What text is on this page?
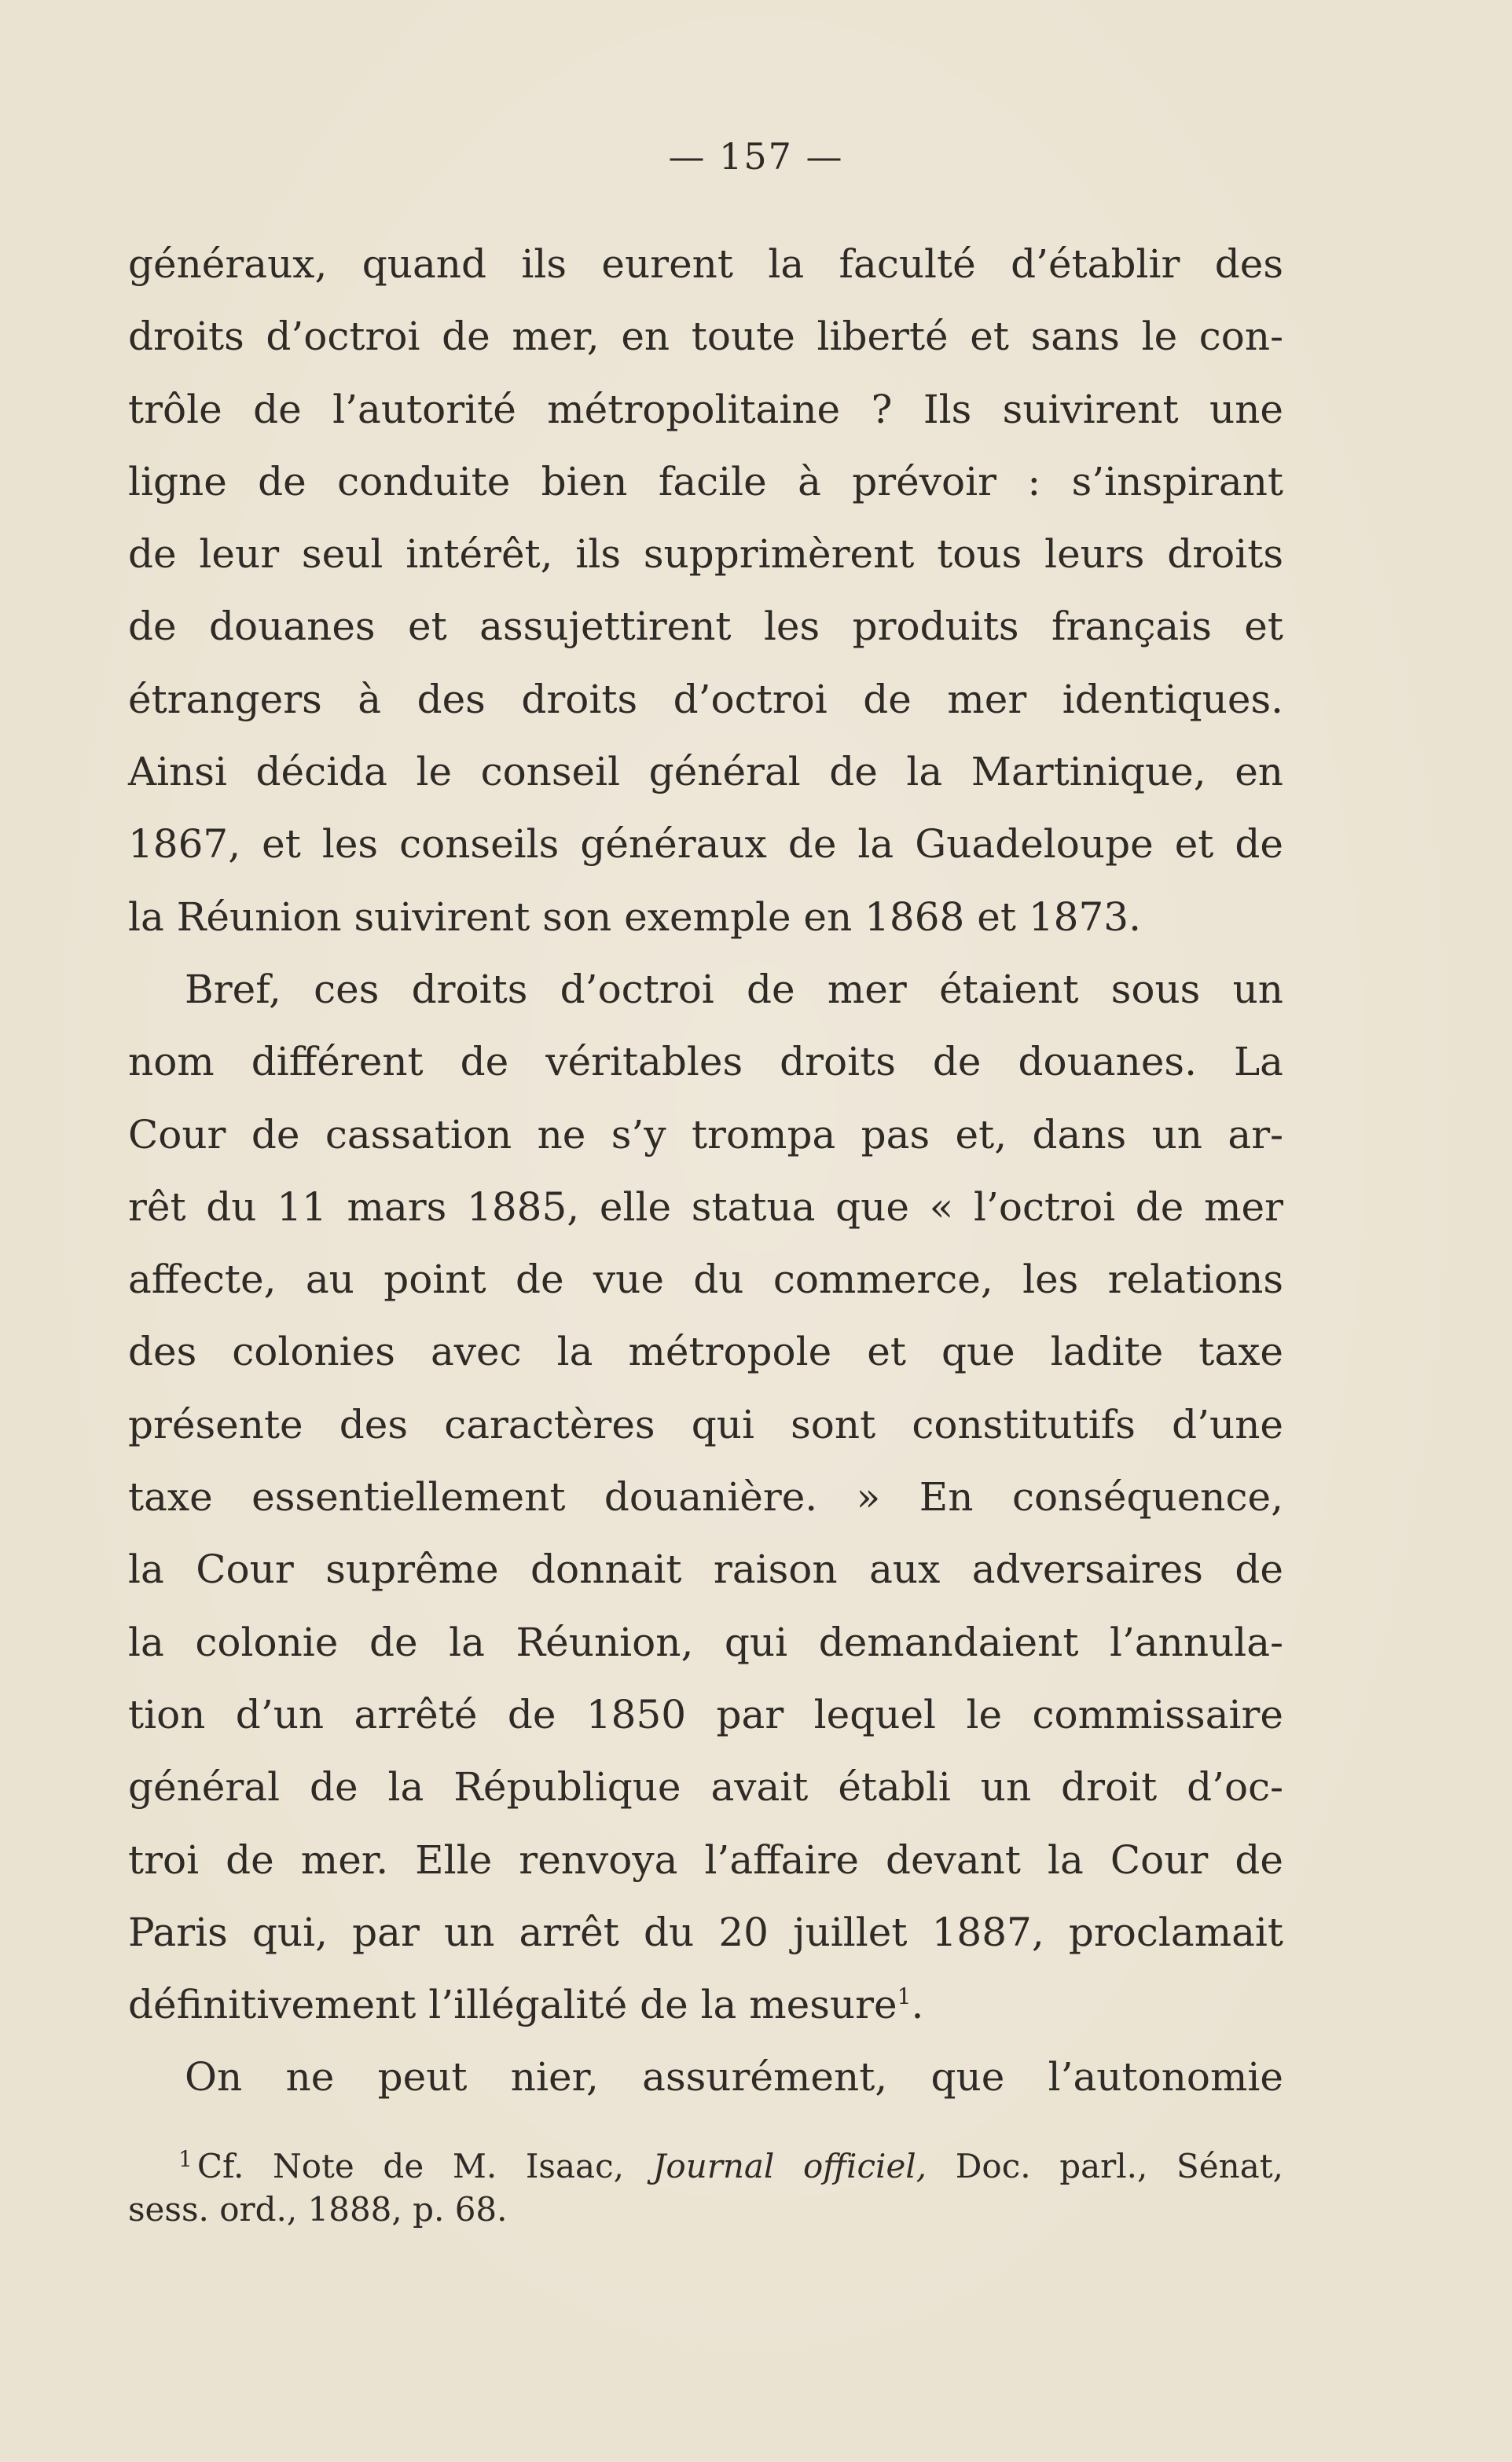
— 157 —
généraux, quand ils eurent la faculté d’établir des
droits d’octroi de mer, en toute liberté et sans le con-
trôle de l’autorité métropolitaine ? Ils suivirent une
ligne de conduite bien facile à prévoir : s’inspirant
de leur seul intérêt, ils supprimèrent tous leurs droits
de douanes et assujettirent les produits français et
étrangers à des droits d’octroi de mer identiques.
Ainsi décida le conseil général de la Martinique, en
1867, et les conseils généraux de la Guadeloupe et de
la Réunion suivirent son exemple en 1868 et 1873.
Bref, ces droits d’octroi de mer étaient sous un
nom différent de véritables droits de douanes. La
Cour de cassation ne s’y trompa pas et, dans un ar-
rêt du 11 mars 1885, elle statua que « l’octroi de mer
affecte, au point de vue du commerce, les relations
des colonies avec la métropole et que ladite taxe
présente des caractères qui sont constitutifs d’une
taxe essentiellement douanière. » En conséquence,
la Cour suprême donnait raison aux adversaires de
la colonie de la Réunion, qui demandaient l’annula-
tion d’un arrêté de 1850 par lequel le commissaire
général de la République avait établi un droit d’oc-
troi de mer. Elle renvoya l’affaire devant la Cour de
Paris qui, par un arrêt du 20 juillet 1887, proclamait
définitivement l’illégalité de la mesure$^1$.
On ne peut nier, assurément, que l’autonomie
$^1$ Cf. Note de M. Isaac, Journal officiel, Doc. parl., Sénat,
sess. ord., 1888, p. 68.
